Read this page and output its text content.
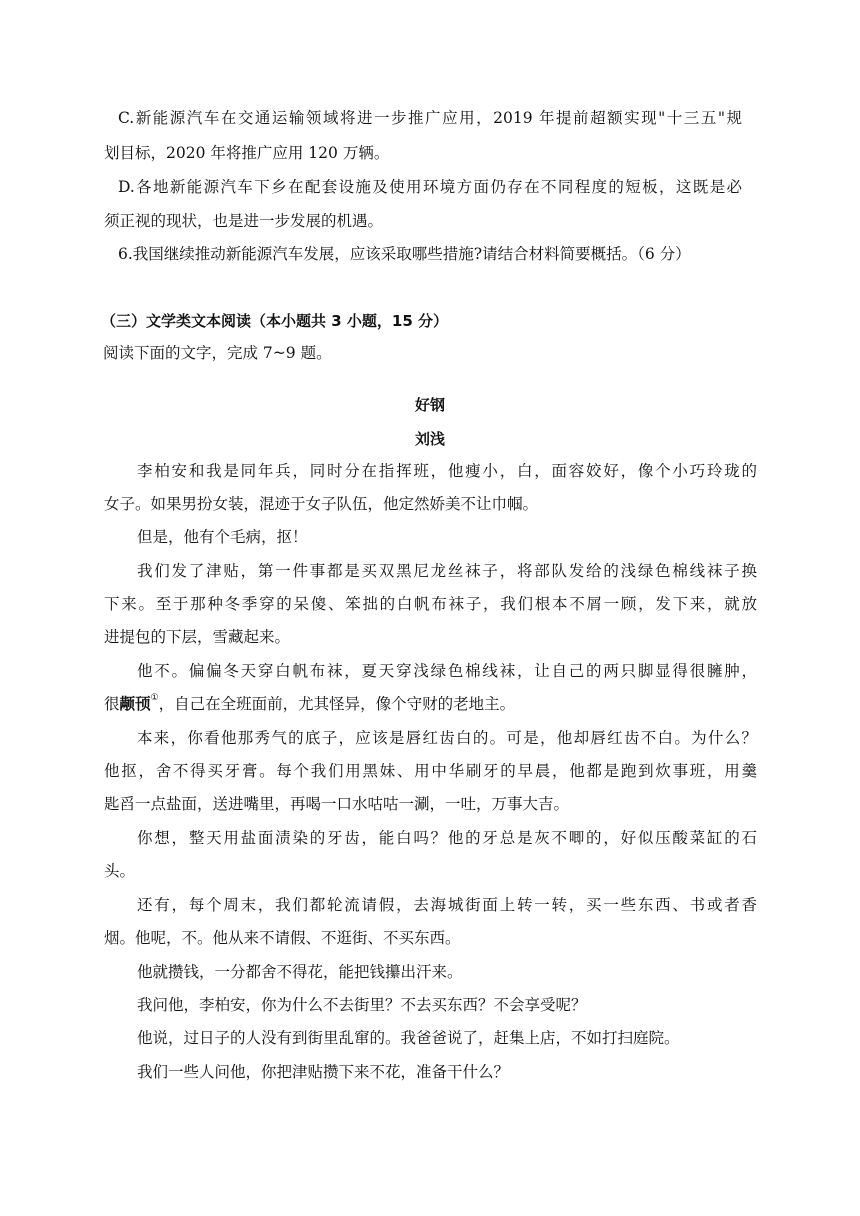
C.新能源汽车在交通运输领域将进一步推广应用，2019 年提前超额实现"十三五"规
划目标，2020 年将推广应用 120 万辆。
D.各地新能源汽车下乡在配套设施及使用环境方面仍存在不同程度的短板，这既是必
须正视的现状，也是进一步发展的机遇。
6.我国继续推动新能源汽车发展，应该采取哪些措施?请结合材料简要概括。（6 分）
（三）文学类文本阅读（本小题共 3 小题，15 分）
阅读下面的文字，完成 7~9 题。
好钢
刘浅
李柏安和我是同年兵，同时分在指挥班，他瘦小，白，面容姣好，像个小巧玲珑的
女子。如果男扮女装，混迹于女子队伍，他定然娇美不让巾帼。
但是，他有个毛病，抠！
我们发了津贴，第一件事都是买双黑尼龙丝袜子，将部队发给的浅绿色棉线袜子换
下来。至于那种冬季穿的呆傻、笨拙的白帆布袜子，我们根本不屑一顾，发下来，就放
进提包的下层，雪藏起来。
他不。偏偏冬天穿白帆布袜，夏天穿浅绿色棉线袜，让自己的两只脚显得很臃肿，
很颟顸①，自己在全班面前，尤其怪异，像个守财的老地主。
本来，你看他那秀气的底子，应该是唇红齿白的。可是，他却唇红齿不白。为什么？
他抠，舍不得买牙膏。每个我们用黑妹、用中华刷牙的早晨，他都是跑到炊事班，用羹
匙舀一点盐面，送进嘴里，再喝一口水咕咕一涮，一吐，万事大吉。
你想，整天用盐面渍染的牙齿，能白吗？他的牙总是灰不唧的，好似压酸菜缸的石
头。
还有，每个周末，我们都轮流请假，去海城街面上转一转，买一些东西、书或者香
烟。他呢，不。他从来不请假、不逛街、不买东西。
他就攒钱，一分都舍不得花，能把钱攥出汗来。
我问他，李柏安，你为什么不去街里？不去买东西？不会享受呢？
他说，过日子的人没有到街里乱窜的。我爸爸说了，赶集上店，不如打扫庭院。
我们一些人问他，你把津贴攒下来不花，准备干什么？
